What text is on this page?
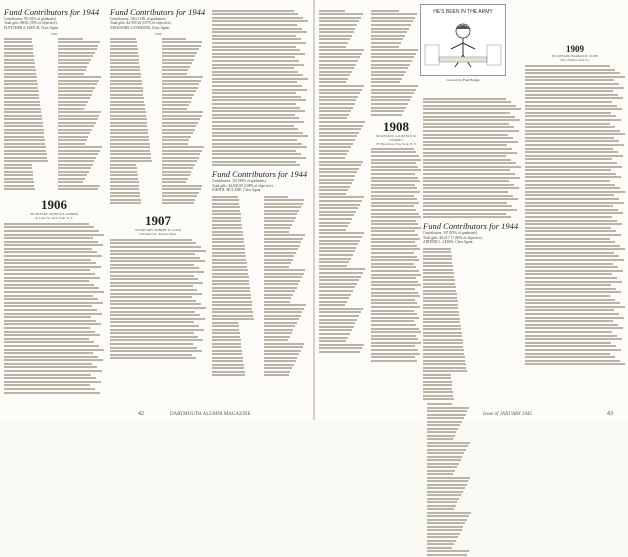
Fund Contributors for 1944
Contributors: 95 (62% of graduates).
Total gifts: $936: (39% of objective).
FLETCHER A. HATCH, Class Agent.
1905

1906
SECRETARY, ARTHUR E. KIDDER
45 Court St., New York, N. Y.
Fund Contributors for 1944
Contributors: 136 (114% of graduates).
Total gifts: $2,959.36 (107% of objective).
NATHANIEL LEVERONE, Class Agent.
1906

1907
SECRETARY, ROBERT D. LAUM
20 Federal St., Boston, Mass.
Fund Contributors for 1944
Contributors: 119 (98% of graduates).
Total gifts: $4,005.00 (108% of objective).
JOHN R. MCLANE, Class Agent.

42	DARTMOUTH ALUMNI MAGAZINE
1908
SECRETARY, LAURENCE M. SYMMES
175 Broadway, New York, N. Y.
Fund Contributors for 1944
Contributors: 107 (85% of graduates).
Total gifts: $3,217.17 (83% of objective).
ARTHUR L. LEWIS, Class Agent.

1909
SECRETARY, HAROLD B. CLINE
Wm. Filene's Sons Co.
43
Issue of JANUARY 1945
HE'S BEEN IN THE ARMY
Cartoon by Fred Bringe
